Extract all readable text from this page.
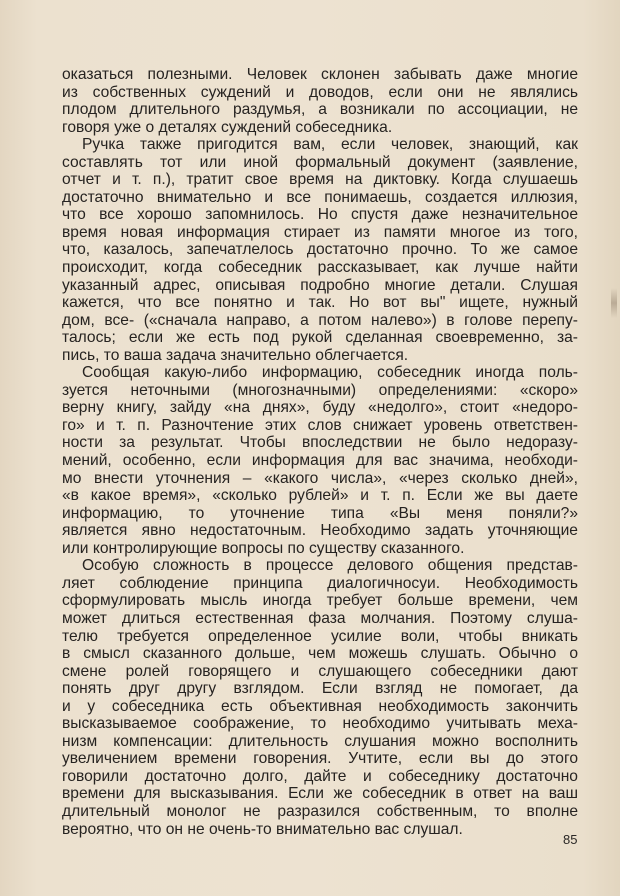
оказаться полезными. Человек склонен забывать даже многие
из собственных суждений и доводов, если они не являлись
плодом длительного раздумья, а возникали по ассоциации, не
говоря уже о деталях суждений собеседника.
Ручка также пригодится вам, если человек, знающий, как
составлять тот или иной формальный документ (заявление,
отчет и т. п.), тратит свое время на диктовку. Когда слушаешь
достаточно внимательно и все понимаешь, создается иллюзия,
что все хорошо запомнилось. Но спустя даже незначительное
время новая информация стирает из памяти многое из того,
что, казалось, запечатлелось достаточно прочно. То же самое
происходит, когда собеседник рассказывает, как лучше найти
указанный адрес, описывая подробно многие детали. Слушая
кажется, что все понятно и так. Но вот вы" ищете, нужный
дом, все- («сначала направо, а потом налево») в голове перепу-
талось; если же есть под рукой сделанная своевременно, за-
пись, то ваша задача значительно облегчается.
Сообщая какую-либо информацию, собеседник иногда поль-
зуется неточными (многозначными) определениями: «скоро»
верну книгу, зайду «на днях», буду «недолго», стоит «недоро-
го» и т. п. Разночтение этих слов снижает уровень ответствен-
ности за результат. Чтобы впоследствии не было недоразу-
мений, особенно, если информация для вас значима, необходи-
мо внести уточнения – «какого числа», «через сколько дней»,
«в какое время», «сколько рублей» и т. п. Если же вы даете
информацию, то уточнение типа «Вы меня поняли?»
является явно недостаточным. Необходимо задать уточняющие
или контролирующие вопросы по существу сказанного.
Особую сложность в процессе делового общения представ-
ляет соблюдение принципа диалогичносуи. Необходимость
сформулировать мысль иногда требует больше времени, чем
может длиться естественная фаза молчания. Поэтому слуша-
телю требуется определенное усилие воли, чтобы вникать
в смысл сказанного дольше, чем можешь слушать. Обычно о
смене ролей говорящего и слушающего собеседники дают
понять друг другу взглядом. Если взгляд не помогает, да
и у собеседника есть объективная необходимость закончить
высказываемое соображение, то необходимо учитывать меха-
низм компенсации: длительность слушания можно восполнить
увеличением времени говорения. Учтите, если вы до этого
говорили достаточно долго, дайте и собеседнику достаточно
времени для высказывания. Если же собеседник в ответ на ваш
длительный монолог не разразился собственным, то вполне
вероятно, что он не очень-то внимательно вас слушал.
85
